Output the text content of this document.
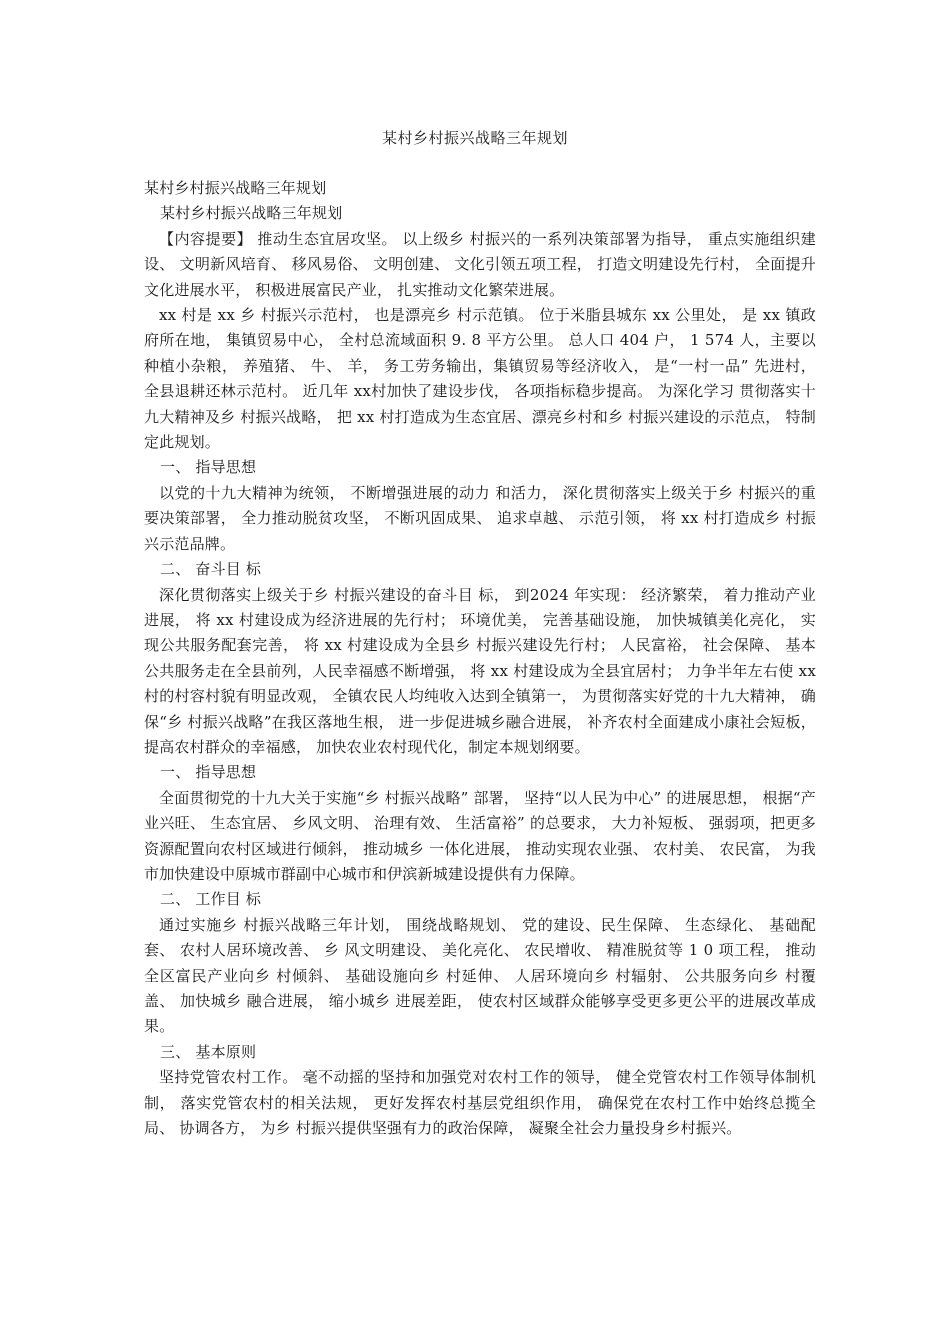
某村乡村振兴战略三年规划

某村乡村振兴战略三年规划

某村乡村振兴战略三年规划

【内容提要】 推动生态宜居攻坚。 以上级乡 村振兴的一系列决策部署为指导， 重点实施组织建设、 文明新风培育、 移风易俗、 文明创建、 文化引领五项工程， 打造文明建设先行村， 全面提升文化进展水平， 积极进展富民产业， 扎实推动文化繁荣进展。

xx 村是 xx 乡 村振兴示范村， 也是漂亮乡 村示范镇。 位于米脂县城东 xx 公里处， 是 xx 镇政府所在地， 集镇贸易中心， 全村总流域面积 9. 8 平方公里。 总人口 404 户， 1 574 人，主要以种植小杂粮， 养殖猪、 牛、 羊， 务工劳务输出，集镇贸易等经济收入， 是“一村一品” 先进村， 全县退耕还林示范村。 近几年 xx村加快了建设步伐， 各项指标稳步提高。 为深化学习 贯彻落实十九大精神及乡 村振兴战略， 把 xx 村打造成为生态宜居、漂亮乡村和乡 村振兴建设的示范点， 特制定此规划。

一、 指导思想

以党的十九大精神为统领， 不断增强进展的动力 和活力， 深化贯彻落实上级关于乡 村振兴的重要决策部署， 全力推动脱贫攻坚， 不断巩固成果、 追求卓越、 示范引领， 将 xx 村打造成乡 村振兴示范品牌。

二、 奋斗目 标

深化贯彻落实上级关于乡 村振兴建设的奋斗目 标， 到2024 年实现： 经济繁荣， 着力推动产业进展， 将 xx 村建设成为经济进展的先行村； 环境优美， 完善基础设施， 加快城镇美化亮化， 实现公共服务配套完善， 将 xx 村建设成为全县乡 村振兴建设先行村； 人民富裕， 社会保障、 基本公共服务走在全县前列，人民幸福感不断增强， 将 xx 村建设成为全县宜居村； 力争半年左右使 xx 村的村容村貌有明显改观， 全镇农民人均纯收入达到全镇第一， 为贯彻落实好党的十九大精神， 确保“乡 村振兴战略”在我区落地生根， 进一步促进城乡融合进展， 补齐农村全面建成小康社会短板， 提高农村群众的幸福感， 加快农业农村现代化，制定本规划纲要。

一、 指导思想

全面贯彻党的十九大关于实施“乡 村振兴战略” 部署， 坚持“以人民为中心” 的进展思想， 根据“产业兴旺、 生态宜居、 乡风文明、 治理有效、 生活富裕” 的总要求， 大力补短板、 强弱项，把更多资源配置向农村区域进行倾斜， 推动城乡 一体化进展， 推动实现农业强、 农村美、 农民富， 为我市加快建设中原城市群副中心城市和伊滨新城建设提供有力保障。

二、 工作目 标

通过实施乡 村振兴战略三年计划， 围绕战略规划、 党的建设、民生保障、 生态绿化、 基础配套、 农村人居环境改善、 乡 风文明建设、 美化亮化、 农民增收、 精准脱贫等 1 0 项工程， 推动全区富民产业向乡 村倾斜、 基础设施向乡 村延伸、 人居环境向乡 村辐射、 公共服务向乡 村覆盖、 加快城乡 融合进展， 缩小城乡 进展差距， 使农村区域群众能够享受更多更公平的进展改革成果。

三、 基本原则

坚持党管农村工作。 毫不动摇的坚持和加强党对农村工作的领导， 健全党管农村工作领导体制机制， 落实党管农村的相关法规， 更好发挥农村基层党组织作用， 确保党在农村工作中始终总揽全局、 协调各方， 为乡 村振兴提供坚强有力的政治保障， 凝聚全社会力量投身乡村振兴。
